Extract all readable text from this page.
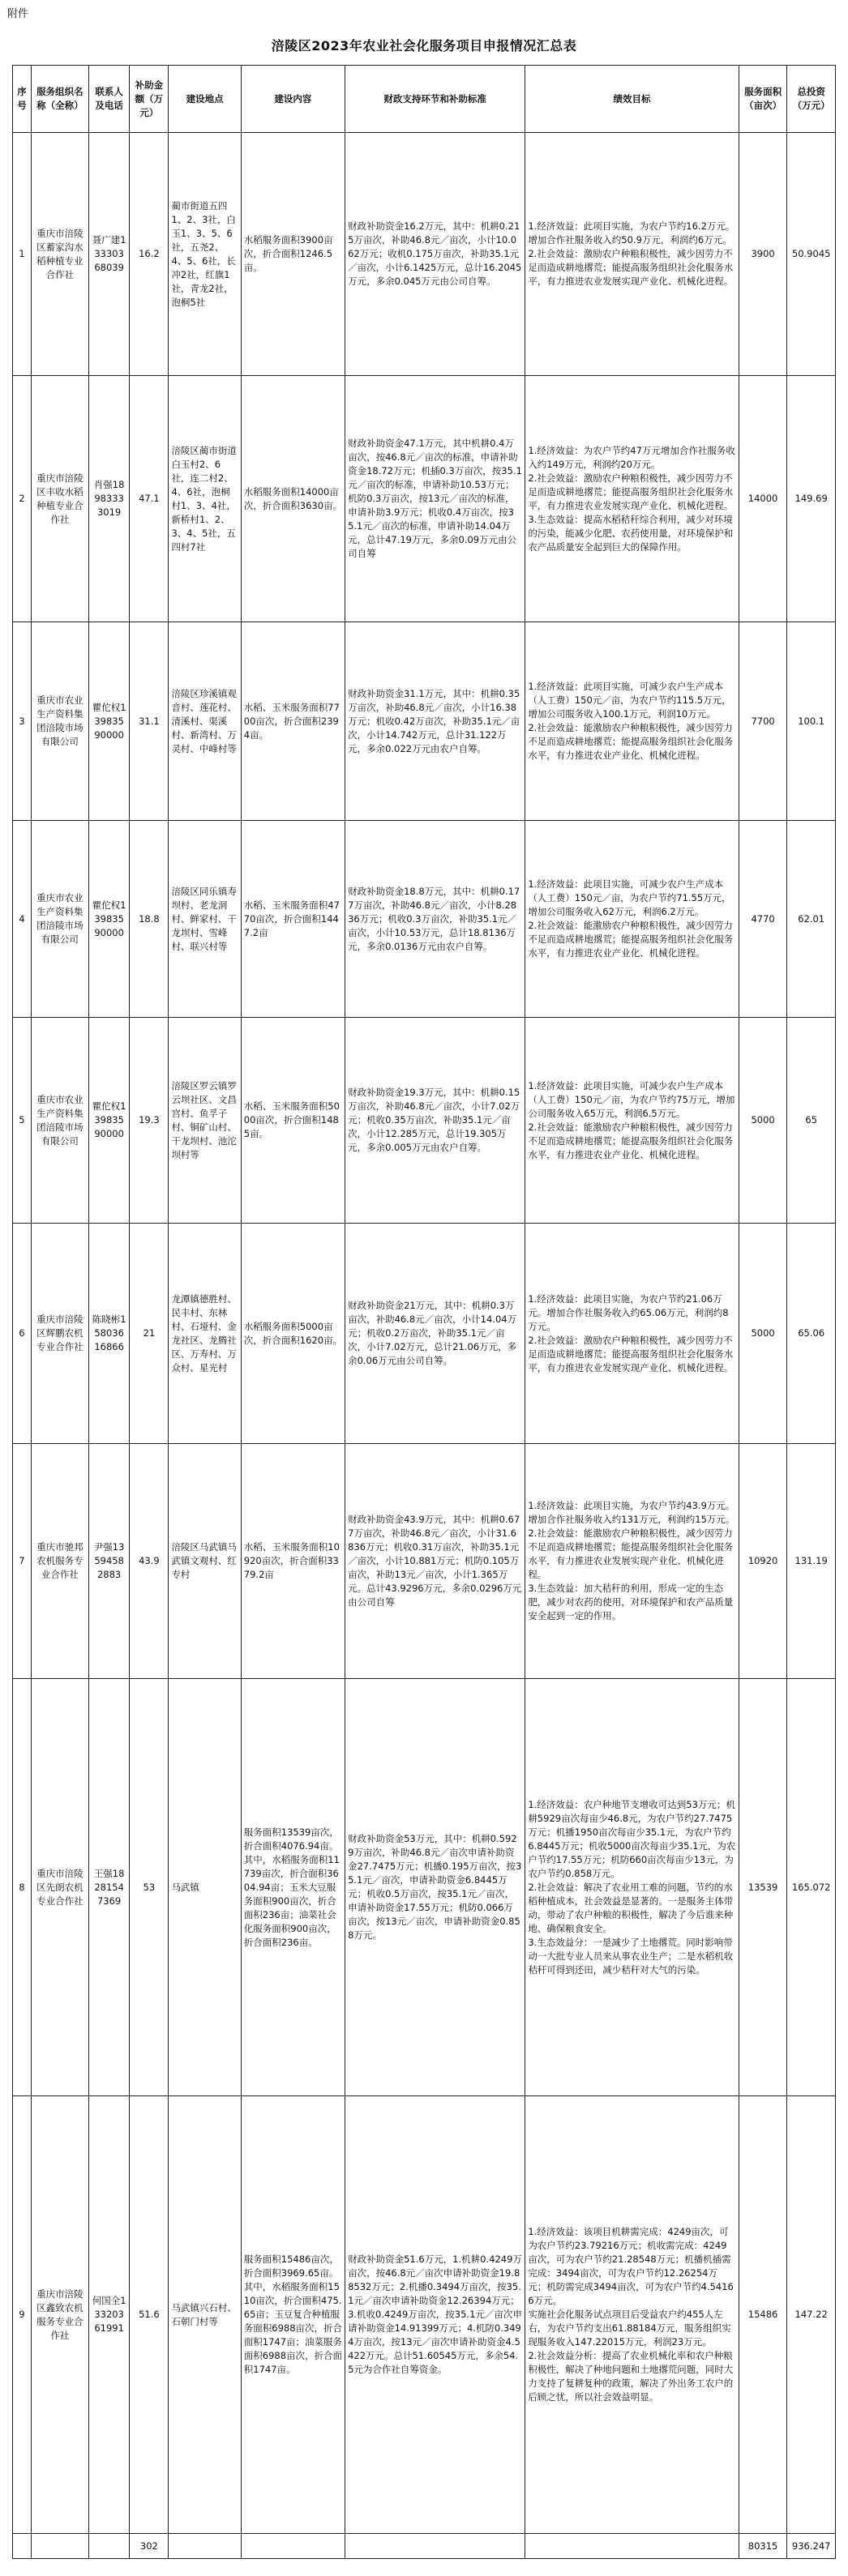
附件
涪陵区2023年农业社会化服务项目申报情况汇总表
序号	服务组织名称（全称）	联系人及电话	补助金额（万元）	建设地点	建设内容	财政支持环节和补助标准	绩效目标	服务面积（亩次）	总投资（万元）
1	重庆市涪陵区蓄家沟水稻种植专业合作社	聂广建13330368039	16.2	蔺市街道五四1、2、3社，白玉1、3、5、6社，五尧2、4、5、6社，长冲2社，红旗1社，青龙2社，泡桐5社	水稻服务面积3900亩次，折合面积1246.5亩。	财政补助资金16.2万元，其中：机耕0.215万亩次，补助46.8元／亩次，小计10.062万元；收机0.175万亩次，补助35.1元／亩次，小计6.1425万元，总计16.2045万元，多余0.045万元由公司自筹。	1.经济效益：此项目实施，为农户节约16.2万元。增加合作社服务收入约50.9万元，利润约6万元。
2.社会效益：激励农户种粮积极性，减少因劳力不足而造成耕地撂荒；能提高服务组织社会化服务水平，有力推进农业发展实现产业化、机械化进程。	3900	50.9045
2	重庆市涪陵区丰收水稻种植专业合作社	肖强18983333019	47.1	涪陵区蔺市街道白玉村2、6社，连二村2、4、6社，泡桐村1、3、4社，新桥村1、2、3、4、5社，五四村7社	水稻服务面积14000亩次，折合面积3630亩。	财政补助资金47.1万元，其中机耕0.4万亩次，按46.8元／亩次的标准，申请补助资金18.72万元；机插0.3万亩次，按35.1元／亩次的标准，申请补助10.53万元；机防0.3万亩次，按13元／亩次的标准，申请补助3.9万元；机收0.4万亩次，按35.1元／亩次的标准，申请补助14.04万元，总计47.19万元，多余0.09万元由公司自筹	1.经济效益：为农户节约47万元增加合作社服务收入约149万元，利润约20万元。
2.社会效益：激励农户种粮积极性，减少因劳力不足而造成耕地撂荒；能提高服务组织社会化服务水平，有力推进农业发展实现产业化、机械化进程。
3.生态效益：提高水稻秸秆综合利用，减少对环境的污染，能减少化肥、农药使用量，对环境保护和农产品质量安全起到巨大的保障作用。	14000	149.69
3	重庆市农业生产资料集团涪陵市场有限公司	瞿佗权13983590000	31.1	涪陵区珍溪镇观音村、莲花村、清溪村、渠溪村、新湾村、万灵村、中峰村等	水稻、玉米服务面积7700亩次，折合面积2394亩。	财政补助资金31.1万元，其中：机耕0.35万亩次，补助46.8元／亩次，小计16.38万元；机收0.42万亩次，补助35.1元／亩次，小计14.742万元，总计31.122万元，多余0.022万元由农户自筹。	1.经济效益：此项目实施，可减少农户生产成本（人工费）150元／亩，为农户节约115.5万元，增加公司服务收入100.1万元，利润10万元。
2.社会效益：能激励农户种粮积极性，减少因劳力不足而造成耕地撂荒；能提高服务组织社会化服务水平，有力推进农业产业化、机械化进程。	7700	100.1
4	重庆市农业生产资料集团涪陵市场有限公司	瞿佗权13983590000	18.8	涪陵区同乐镇寿坝村、老龙洞村、鲜家村、干龙坝村、雪峰村、联兴村等	水稻、玉米服务面积4770亩次，折合面积1447.2亩	财政补助资金18.8万元，其中：机耕0.177万亩次，补助46.8元／亩次，小计8.2836万元；机收0.3万亩次，补助35.1元／亩次，小计10.53万元，总计18.8136万元，多余0.0136万元由农户自筹。	1.经济效益：此项目实施，可减少农户生产成本（人工费）150元／亩，为农户节约71.55万元，增加公司服务收入62万元，利润6.2万元。
2.社会效益：能激励农户种粮积极性，减少因劳力不足而造成耕地撂荒；能提高服务组织社会化服务水平，有力推进农业产业化、机械化进程。	4770	62.01
5	重庆市农业生产资料集团涪陵市场有限公司	瞿佗权13983590000	19.3	涪陵区罗云镇罗云坝社区、文昌宫村、鱼孚子村、铜矿山村、干龙坝村、池沱坝村等	水稻、玉米服务面积5000亩次，折合面积1485亩。	财政补助资金19.3万元，其中：机耕0.15万亩次，补助46.8元／亩次，小计7.02万元；机收0.35万亩次，补助35.1元／亩次，小计12.285万元，总计19.305万元，多余0.005万元由农户自筹。	1.经济效益：此项目实施，可减少农户生产成本（人工费）150元／亩，为农户节约75万元，增加公司服务收入65万元，利润6.5万元。
2.社会效益：能激励农户种粮积极性，减少因劳力不足而造成耕地撂荒；能提高服务组织社会化服务水平，有力推进农业产业化、机械化进程。	5000	65
6	重庆市涪陵区辉鹏农机专业合作社	陈晓彬15803616866	21	龙潭镇德胜村、民丰村、东林村、石垭村、金龙社区、龙腾社区、万寿村、万众村、星光村	水稻服务面积5000亩次，折合面积1620亩。	财政补助资金21万元，其中：机耕0.3万亩次，补助46.8元／亩次，小计14.04万元；机收0.2万亩次，补助35.1元／亩次，小计7.02万元，总计21.06万元，多余0.06万元由公司自筹。	1.经济效益：此项目实施，为农户节约21.06万元。增加合作社服务收入约65.06万元，利润约8万元。
2.社会效益：激励农户种粮积极性，减少因劳力不足而造成耕地撂荒；能提高服务组织社会化服务水平，有力推进农业发展实现产业化、机械化进程。	5000	65.06
7	重庆市驰邦农机服务专业合作社	尹强13594582883	43.9	涪陵区马武镇马武镇文观村、红专村	水稻、玉米服务面积10920亩次，折合面积3379.2亩	财政补助资金43.9万元，其中：机耕0.677万亩次，补助46.8元／亩次，小计31.6836万元；机收0.31万亩次，补助35.1元／亩次，小计10.881万元；机防0.105万亩次，补助13元／亩次，小计1.365万元。总计43.9296万元，多余0.0296万元由公司自筹	1.经济效益：此项目实施，为农户节约43.9万元。增加合作社服务收入约131万元，利润约15万元。
2.社会效益：能激励农户种粮积极性，减少因劳力不足而造成耕地撂荒；能提高服务组织社会化服务水平，有力推进农业发展实现产业化、机械化进程。
3.生态效益：加大秸秆的利用，形成一定的生态肥，减少对农药的使用，对环境保护和农产品质量安全起到一定的作用。	10920	131.19
8	重庆市涪陵区先朗农机专业合作社	王强18281547369	53	马武镇	服务面积13539亩次，折合面积4076.94亩。其中，水稻服务面积11739亩次，折合面积3604.94亩；玉米大豆服务面积900亩次，折合面积236亩；油菜社会化服务面积900亩次，折合面积236亩。	财政补助资金53万元，其中：机耕0.5929万亩次，补助46.8元／亩次申请补助资金27.7475万元；机播0.195万亩次，按35.1元／亩次，申请补助资金6.8445万元；机收0.5万亩次，按35.1元／亩次，申请补助资金17.55万元；机防0.066万亩次，按13元／亩次，申请补助资金0.858万元。	1.经济效益：农户种地节支增收可达到53万元；机耕5929亩次每亩少46.8元，为农户节约27.7475万元；机播1950亩次每亩少35.1元，为农户节约6.8445万元；机收5000亩次每亩少35.1元，为农户节约17.55万元；机防660亩次每亩少13元，为农户节约0.858万元。
2.社会效益：解决了农业用工难的问题，节约的水稻种植成本，社会效益是显著的。一是服务主体带动，带动了农户种粮的积极性，解决了今后谁来种地、确保粮食安全。
3.生态效益分：一是减少了土地撂荒。同时影响带动一大批专业人员来从事农业生产；二是水稻机收秸秆可得到还田，减少秸秆对大气的污染。	13539	165.072
9	重庆市涪陵区鑫致农机服务专业合作社	何国全13320361991	51.6	马武镇兴石村、石朝门村等	服务面积15486亩次，折合面积3969.65亩。其中，水稻服务面积1510亩次，折合面积475.65亩；玉豆复合种植服务面积6988亩次，折合面积1747亩；油菜服务面积6988亩次，折合面积1747亩。	财政补助资金51.6万元，1.机耕0.4249万亩次，按46.8元／亩次申请补助资金19.88532万元；2.机播0.3494万亩次，按35.1元／亩次申请补助资金12.26394万元；3.机收0.4249万亩次，按35.1元／亩次申请补助资金14.91399万元；4.机防0.3494万亩次，按13元／亩次申请补助资金4.5422万元。总计51.60545万元，多余54.5元为合作社自筹资金。	1.经济效益：该项目机耕需完成：4249亩次，可为农户节约23.79216万元；机收需完成：4249亩次，可为农户节约21.28548万元；机播机插需完成：3494亩次，可为农户节约12.26254万元；机防需完成3494亩次，可为农户节约4.54166万元。
实施社会化服务试点项目后受益农户约455人左右，为农户节约支出61.88184万元，服务组织实现服务收入147.22015万元，利润23万元。
2.社会效益分析：提高了农业机械化率和农户种粮积极性，解决了种地问题和土地撂荒问题，同时大力支持了复耕复种的政策，解决了外出务工农户的后顾之忧，所以社会效益明显。	15486	147.22
			302					80315	936.247
